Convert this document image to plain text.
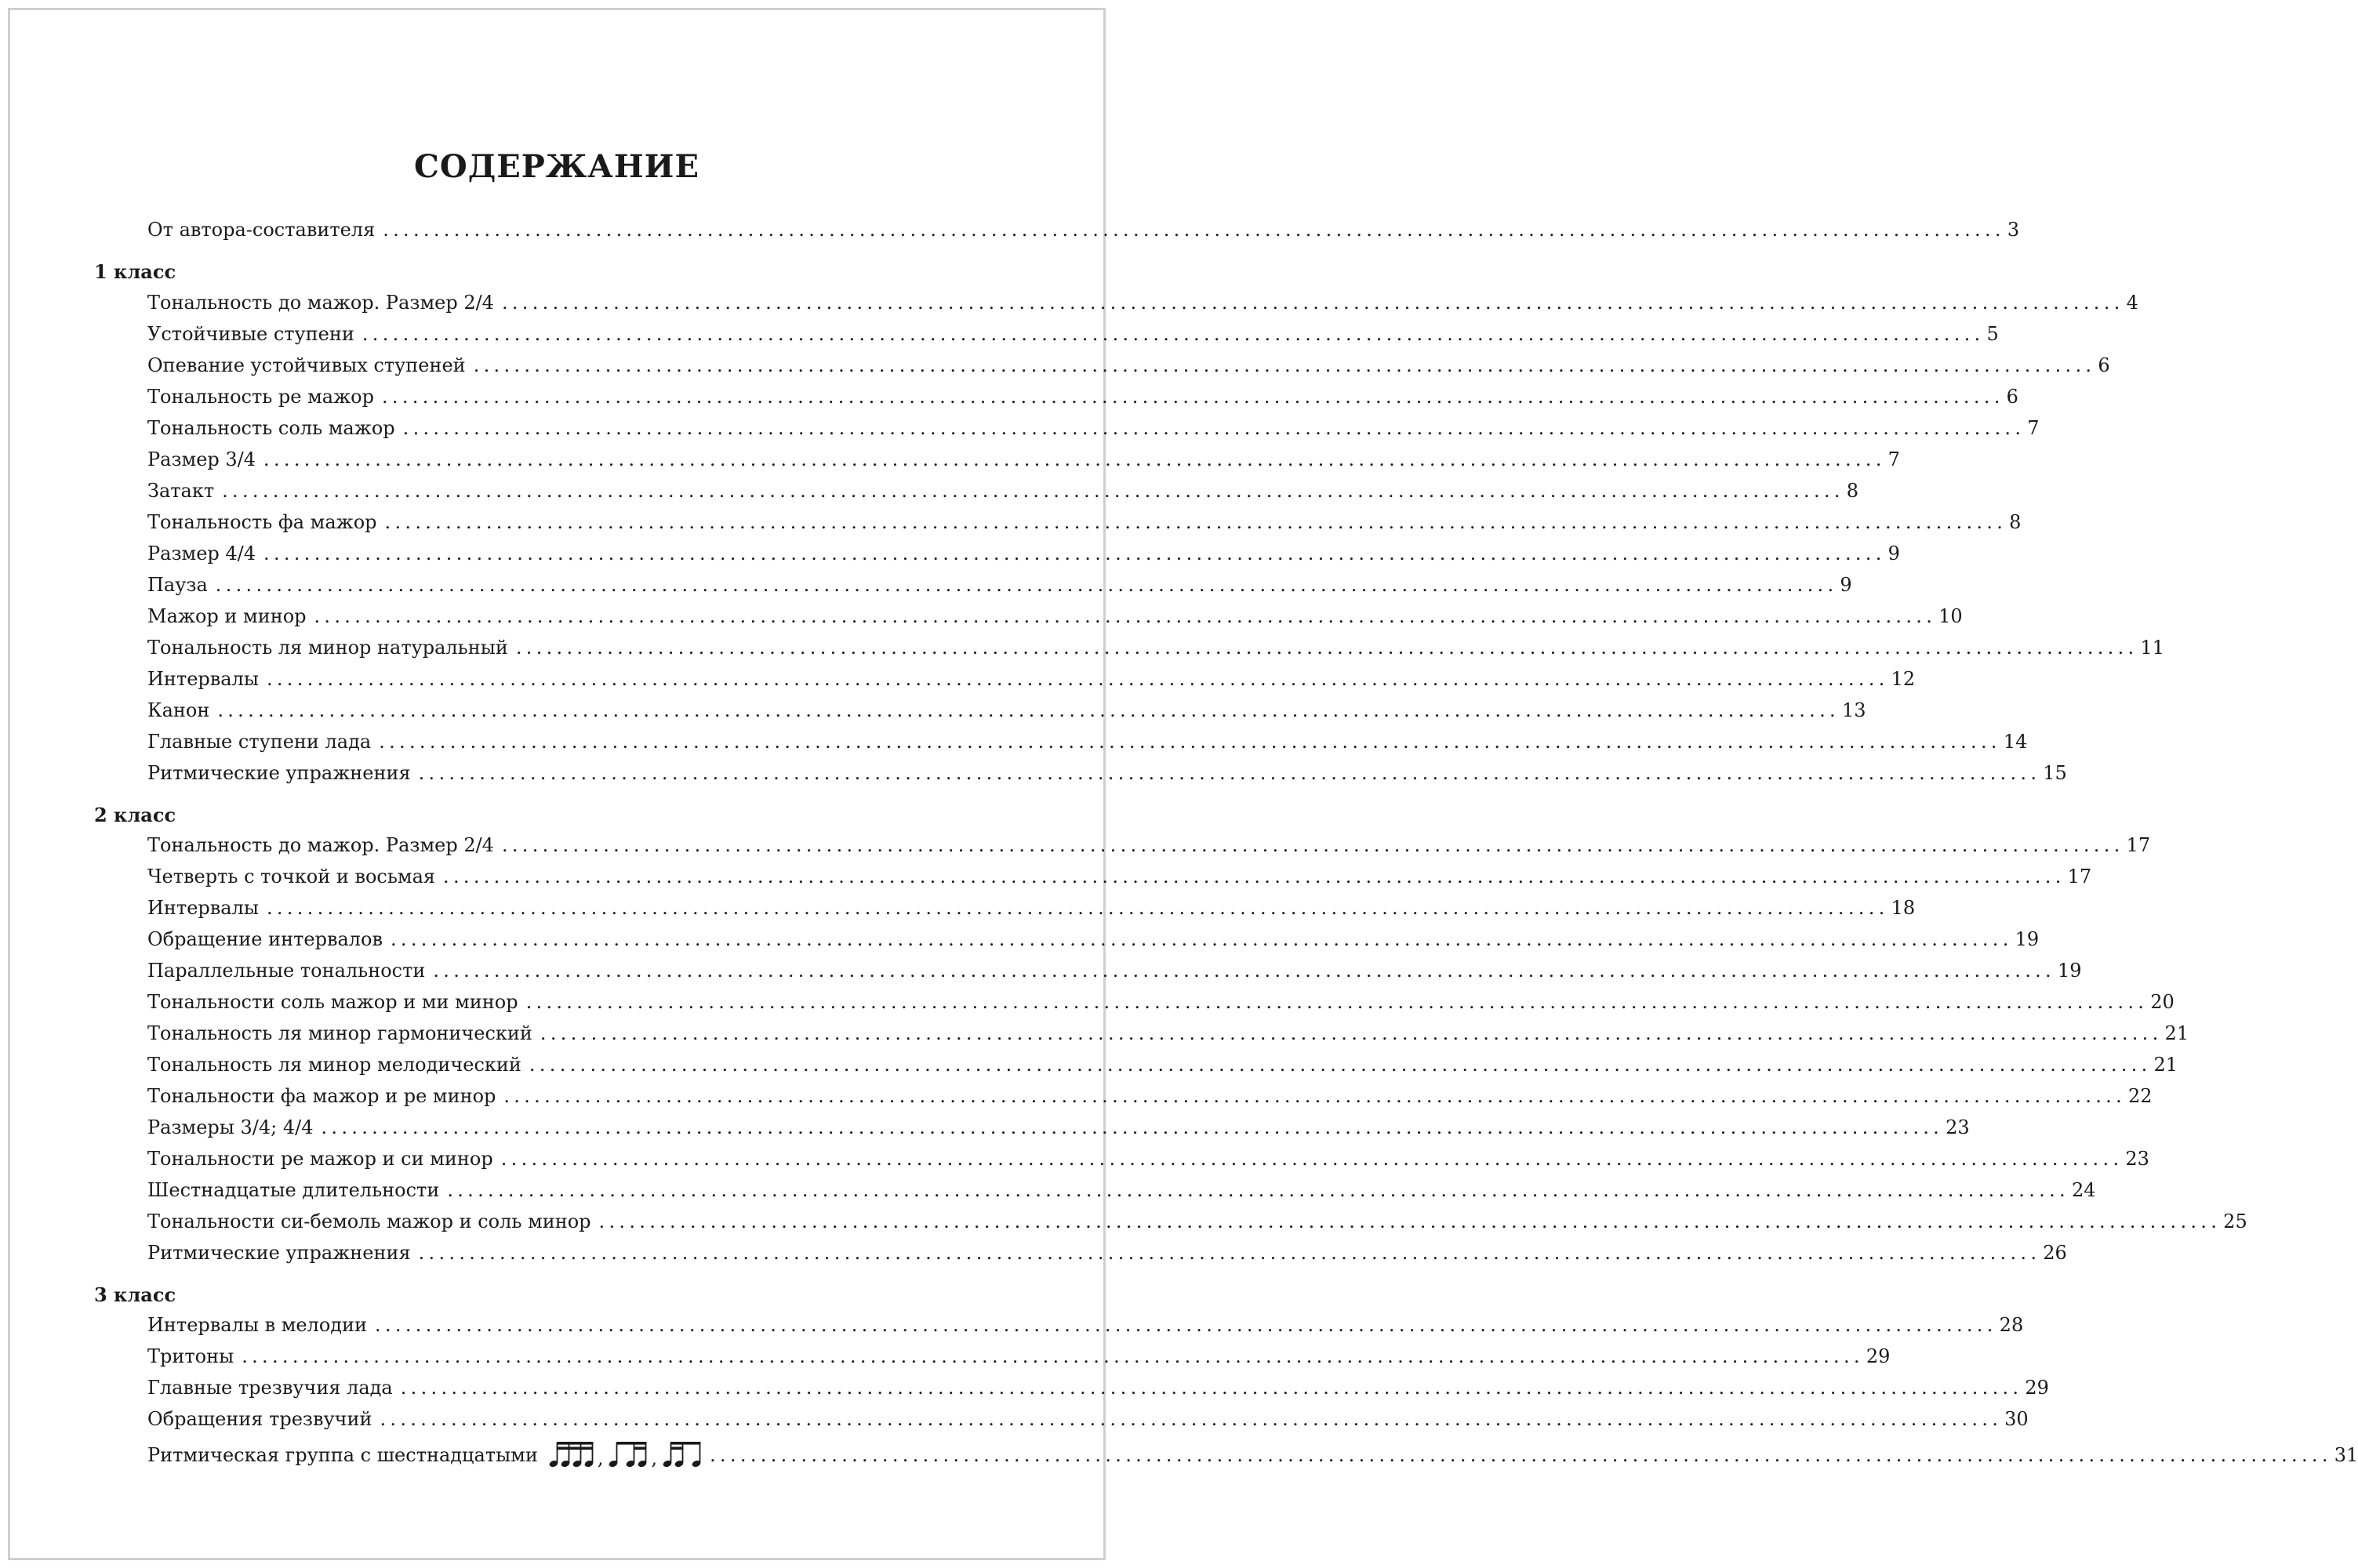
СОДЕРЖАНИЕ
От автора-составителя ................................................................................................................................................................ 3
1 класс
Тональность до мажор. Размер 2/4 ................................................................................................................................................................ 4
Устойчивые ступени ................................................................................................................................................................ 5
Опевание устойчивых ступеней ................................................................................................................................................................ 6
Тональность ре мажор ................................................................................................................................................................ 6
Тональность соль мажор ................................................................................................................................................................ 7
Размер 3/4 ................................................................................................................................................................ 7
Затакт ................................................................................................................................................................ 8
Тональность фа мажор ................................................................................................................................................................ 8
Размер 4/4 ................................................................................................................................................................ 9
Пауза ................................................................................................................................................................ 9
Мажор и минор ................................................................................................................................................................ 10
Тональность ля минор натуральный ................................................................................................................................................................ 11
Интервалы ................................................................................................................................................................ 12
Канон ................................................................................................................................................................ 13
Главные ступени лада ................................................................................................................................................................ 14
Ритмические упражнения ................................................................................................................................................................ 15
2 класс
Тональность до мажор. Размер 2/4 ................................................................................................................................................................ 17
Четверть с точкой и восьмая ................................................................................................................................................................ 17
Интервалы ................................................................................................................................................................ 18
Обращение интервалов ................................................................................................................................................................ 19
Параллельные тональности ................................................................................................................................................................ 19
Тональности соль мажор и ми минор ................................................................................................................................................................ 20
Тональность ля минор гармонический ................................................................................................................................................................ 21
Тональность ля минор мелодический ................................................................................................................................................................ 21
Тональности фа мажор и ре минор ................................................................................................................................................................ 22
Размеры 3/4; 4/4 ................................................................................................................................................................ 23
Тональности ре мажор и си минор ................................................................................................................................................................ 23
Шестнадцатые длительности ................................................................................................................................................................ 24
Тональности си-бемоль мажор и соль минор ................................................................................................................................................................ 25
Ритмические упражнения ................................................................................................................................................................ 26
3 класс
Интервалы в мелодии ................................................................................................................................................................ 28
Тритоны ................................................................................................................................................................ 29
Главные трезвучия лада ................................................................................................................................................................ 29
Обращения трезвучий ................................................................................................................................................................ 30
Ритмическая группа с шестнадцатыми	,	,	................................................................................................................................................................ 31
